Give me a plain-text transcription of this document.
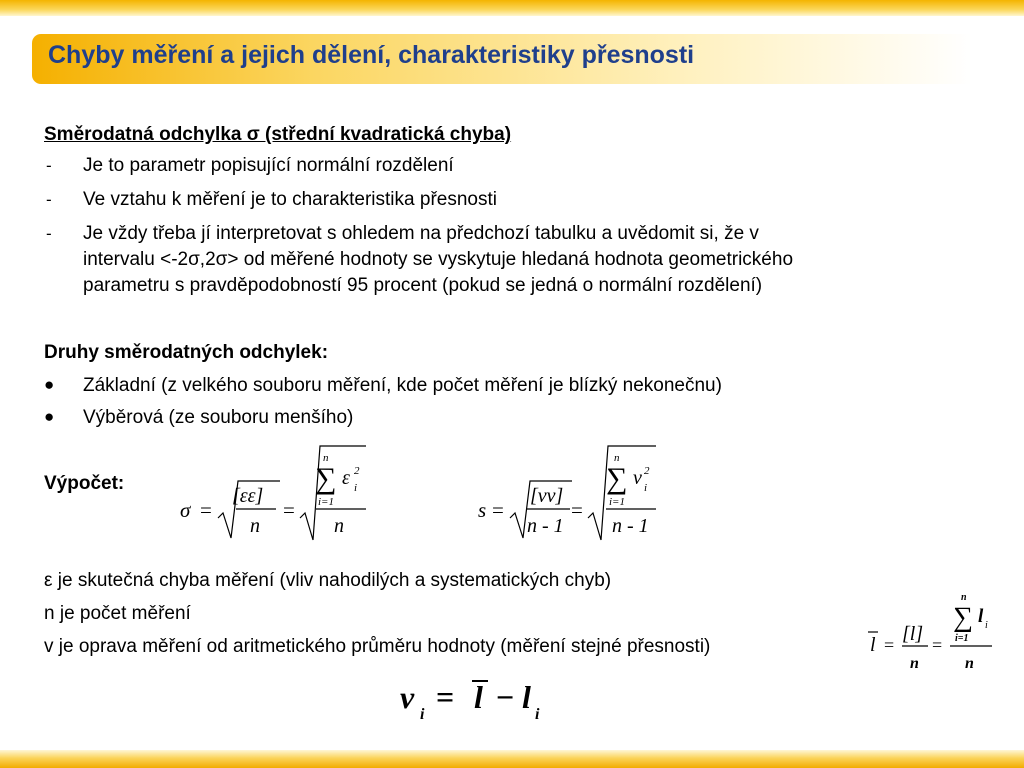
Chyby měření a jejich dělení, charakteristiky přesnosti
Směrodatná odchylka σ (střední kvadratická chyba)
- Je to parametr popisující normální rozdělení
- Ve vztahu k měření je to charakteristika přesnosti
- Je vždy třeba jí interpretovat s ohledem na předchozí tabulku a uvědomit si, že v
intervalu <-2σ,2σ> od měřené hodnoty se vyskytuje hledaná hodnota geometrického
parametru s pravděpodobností 95 procent (pokud se jedná o normální rozdělení)
Druhy směrodatných odchylek:
● Základní (z velkého souboru měření, kde počet měření je blízký nekonečnu)
● Výběrová (ze souboru menšího)
Výpočet:
σ =
[εε]
n
=
n
∑
i=1
ε 2
i
n
s =
[vv]
n - 1
=
n
∑
i=1
v 2
i
n - 1
ε je skutečná chyba měření (vliv nahodilých a systematických chyb)
n je počet měření
v je oprava měření od aritmetického průměru hodnoty (měření stejné přesnosti)	l = [l]
n
=
n
∑
i=1
l i
n
v i = l − l i
